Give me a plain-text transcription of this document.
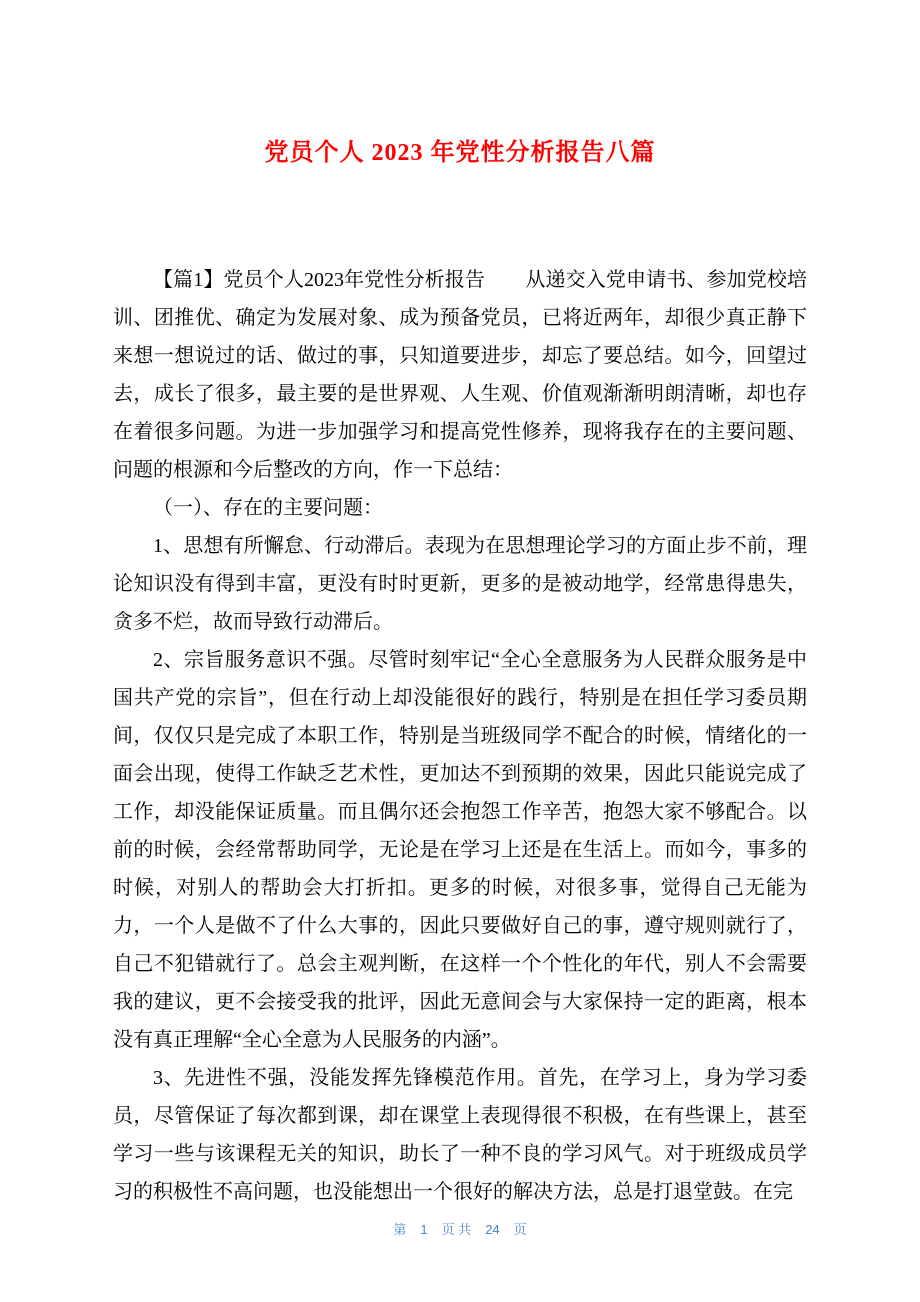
党员个人 2023 年党性分析报告八篇

【篇1】党员个人2023年党性分析报告　　从递交入党申请书、参加党校培训、团推优、确定为发展对象、成为预备党员，已将近两年，却很少真正静下来想一想说过的话、做过的事，只知道要进步，却忘了要总结。如今，回望过去，成长了很多，最主要的是世界观、人生观、价值观渐渐明朗清晰，却也存在着很多问题。为进一步加强学习和提高党性修养，现将我存在的主要问题、问题的根源和今后整改的方向，作一下总结：

（一）、存在的主要问题：

1、思想有所懈怠、行动滞后。表现为在思想理论学习的方面止步不前，理论知识没有得到丰富，更没有时时更新，更多的是被动地学，经常患得患失，贪多不烂，故而导致行动滞后。

2、宗旨服务意识不强。尽管时刻牢记“全心全意服务为人民群众服务是中国共产党的宗旨”，但在行动上却没能很好的践行，特别是在担任学习委员期间，仅仅只是完成了本职工作，特别是当班级同学不配合的时候，情绪化的一面会出现，使得工作缺乏艺术性，更加达不到预期的效果，因此只能说完成了工作，却没能保证质量。而且偶尔还会抱怨工作辛苦，抱怨大家不够配合。以前的时候，会经常帮助同学，无论是在学习上还是在生活上。而如今，事多的时候，对别人的帮助会大打折扣。更多的时候，对很多事，觉得自己无能为力，一个人是做不了什么大事的，因此只要做好自己的事，遵守规则就行了，自己不犯错就行了。总会主观判断，在这样一个个性化的年代，别人不会需要我的建议，更不会接受我的批评，因此无意间会与大家保持一定的距离，根本没有真正理解“全心全意为人民服务的内涵”。

3、先进性不强，没能发挥先锋模范作用。首先，在学习上，身为学习委员，尽管保证了每次都到课，却在课堂上表现得很不积极，在有些课上，甚至学习一些与该课程无关的知识，助长了一种不良的学习风气。对于班级成员学习的积极性不高问题，也没能想出一个很好的解决方法，总是打退堂鼓。在完

第 1 页 共 24 页
